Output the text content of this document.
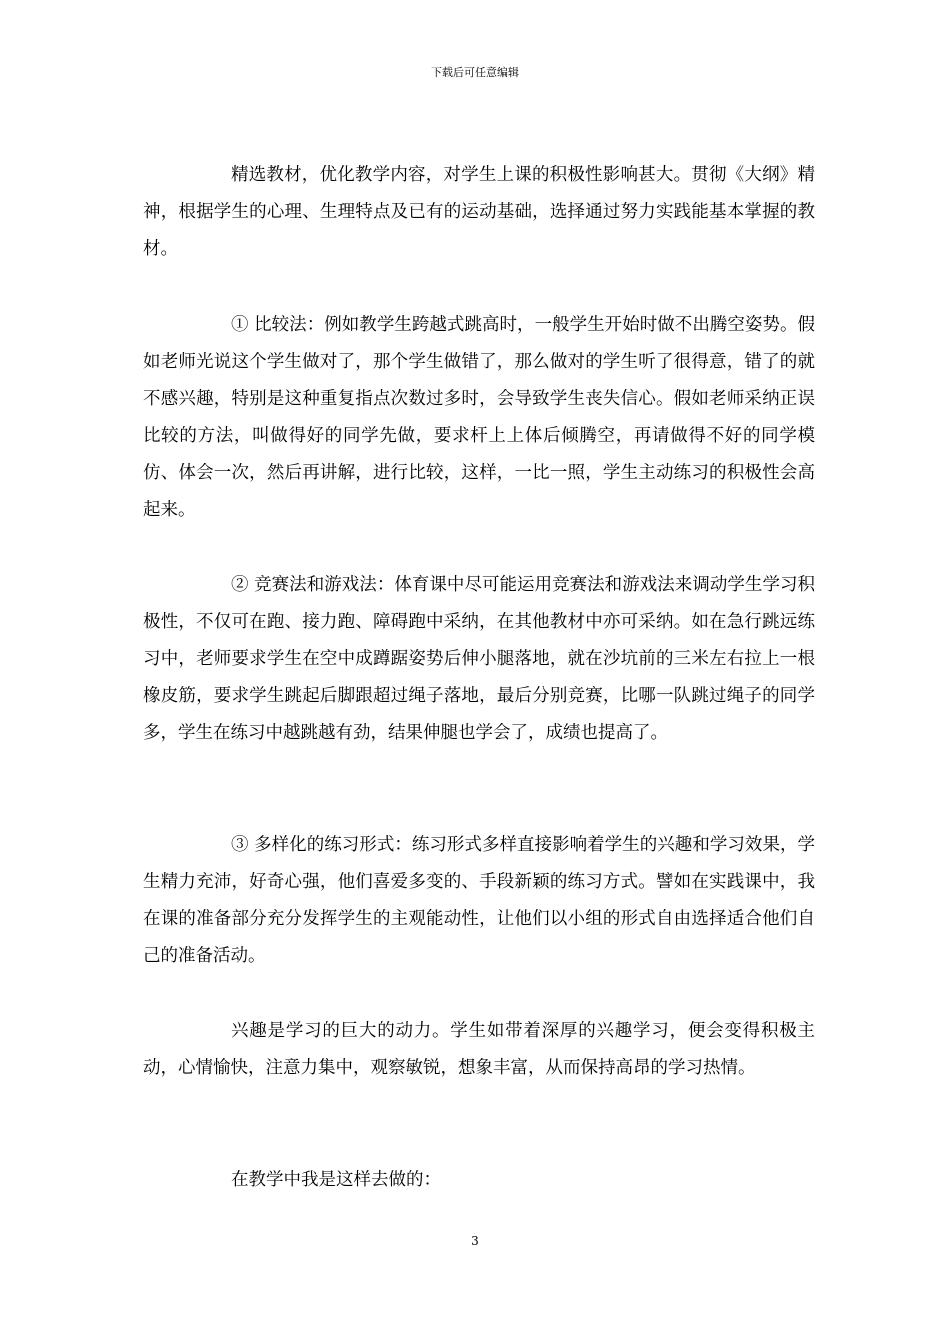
下载后可任意编辑

精选教材，优化教学内容，对学生上课的积极性影响甚大。贯彻《大纲》精神，根据学生的心理、生理特点及已有的运动基础，选择通过努力实践能基本掌握的教材。

① 比较法：例如教学生跨越式跳高时，一般学生开始时做不出腾空姿势。假如老师光说这个学生做对了，那个学生做错了，那么做对的学生听了很得意，错了的就不感兴趣，特别是这种重复指点次数过多时，会导致学生丧失信心。假如老师采纳正误比较的方法，叫做得好的同学先做，要求杆上上体后倾腾空，再请做得不好的同学模仿、体会一次，然后再讲解，进行比较，这样，一比一照，学生主动练习的积极性会高起来。

② 竞赛法和游戏法：体育课中尽可能运用竞赛法和游戏法来调动学生学习积极性，不仅可在跑、接力跑、障碍跑中采纳，在其他教材中亦可采纳。如在急行跳远练习中，老师要求学生在空中成蹲踞姿势后伸小腿落地，就在沙坑前的三米左右拉上一根橡皮筋，要求学生跳起后脚跟超过绳子落地，最后分别竞赛，比哪一队跳过绳子的同学多，学生在练习中越跳越有劲，结果伸腿也学会了，成绩也提高了。

③ 多样化的练习形式：练习形式多样直接影响着学生的兴趣和学习效果，学生精力充沛，好奇心强，他们喜爱多变的、手段新颖的练习方式。譬如在实践课中，我在课的准备部分充分发挥学生的主观能动性，让他们以小组的形式自由选择适合他们自己的准备活动。

兴趣是学习的巨大的动力。学生如带着深厚的兴趣学习，便会变得积极主动，心情愉快，注意力集中，观察敏锐，想象丰富，从而保持高昂的学习热情。

在教学中我是这样去做的：

3
